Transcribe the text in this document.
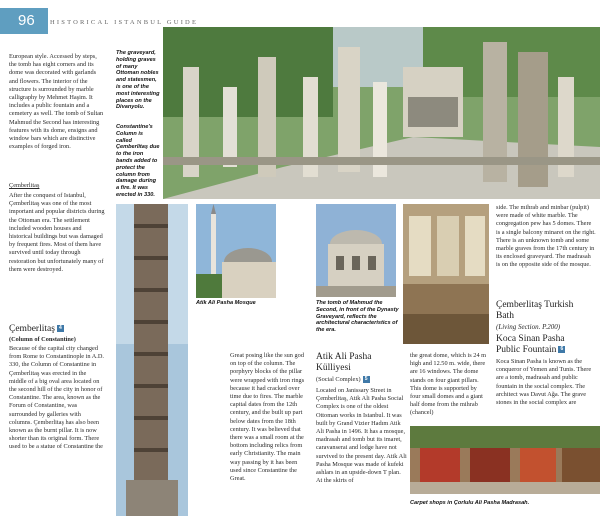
96	HISTORICAL ISTANBUL GUIDE
European style. Accessed by steps, the tomb has eight corners and its dome was decorated with garlands and flowers. The interior of the structure is surrounded by marble calligraphy by Mehmet Haşim. It includes a public fountain and a cemetery as well. The tomb of Sultan Mahmud the Second has interesting features with its dome, ensigns and window bars which are distinctive examples of forged iron.
Çemberlitaş
After the conquest of Istanbul, Çemberlitaş was one of the most important and popular districts during the Ottoman era. The settlement included wooden houses and historical buildings but was damaged by frequent fires. Most of them have survived until today through restoration but unfortunately many of them were destroyed.
Çemberlitaş 4
(Column of Constantine)
Because of the capital city changed from Rome to Constantinople in A.D. 330, the Column of Constantine in Çemberlitaş was erected in the middle of a big oval area located on the second hill of the city in honor of Constantine. The area, known as the Forum of Constantine, was surrounded by galleries with columns. Çemberlitaş has also been known as the burnt pillar. It is now shorter than its original form. There used to be a statue of Constantine the
The graveyard, holding graves of many Ottoman nobles and statesmen, is one of the most interesting places on the Divanyolu.
Constantine's Column is called Çemberlitaş due to the iron bands added to protect the column from damage during a fire. It was erected in 330.
Atik Ali Pasha Mosque
Great posing like the sun god on top of the column. The porphyry blocks of the pillar were wrapped with iron rings because it had cracked over time due to fires. The marble capital dates from the 12th century, and the built up part below dates from the 18th century. It was believed that there was a small room at the bottom including relics from early Christianity. The main way passing by it has been used since Constantine the Great.
The tomb of Mahmud the Second, in front of the Dynasty Graveyard, reflects the architectural characteristics of the era.
Atik Ali Pasha
Külliyesi
(Social Complex) 5
Located on Janissary Street in Çemberlitaş, Atik Ali Pasha Social Complex is one of the oldest Ottoman works in Istanbul. It was built by Grand Vizier Hadım Atik Ali Pasha in 1496. It has a mosque, madrasah and tomb but its imaret, caravanserai and lodge have not survived to the present day. Atik Ali Pasha Mosque was made of kufeki ashlars in an upside-down T plan. At the skirts of
the great dome, which is 24 m high and 12.50 m. wide, there are 16 windows. The dome stands on four giant pillars. This dome is supported by four small domes and a giant half dome from the mihrab (chancel)
Carpet shops in Çorlulu Ali Pasha Madrasah.
side. The mihrab and minbar (pulpit) were made of white marble. The congregation pew has 5 domes. There is a single balcony minaret on the right. There is an unknown tomb and some marble graves from the 17th century in its enclosed graveyard. The madrasah is on the opposite side of the mosque.
Çemberlitaş Turkish
Bath
(Living Section. P.200)
Koca Sinan Pasha
Public Fountain 6
Koca Sinan Pasha is known as the conqueror of Yemen and Tunis. There are a tomb, madrasah and public fountain in the social complex. The architect was Davut Ağa. The grave stones in the social complex are
